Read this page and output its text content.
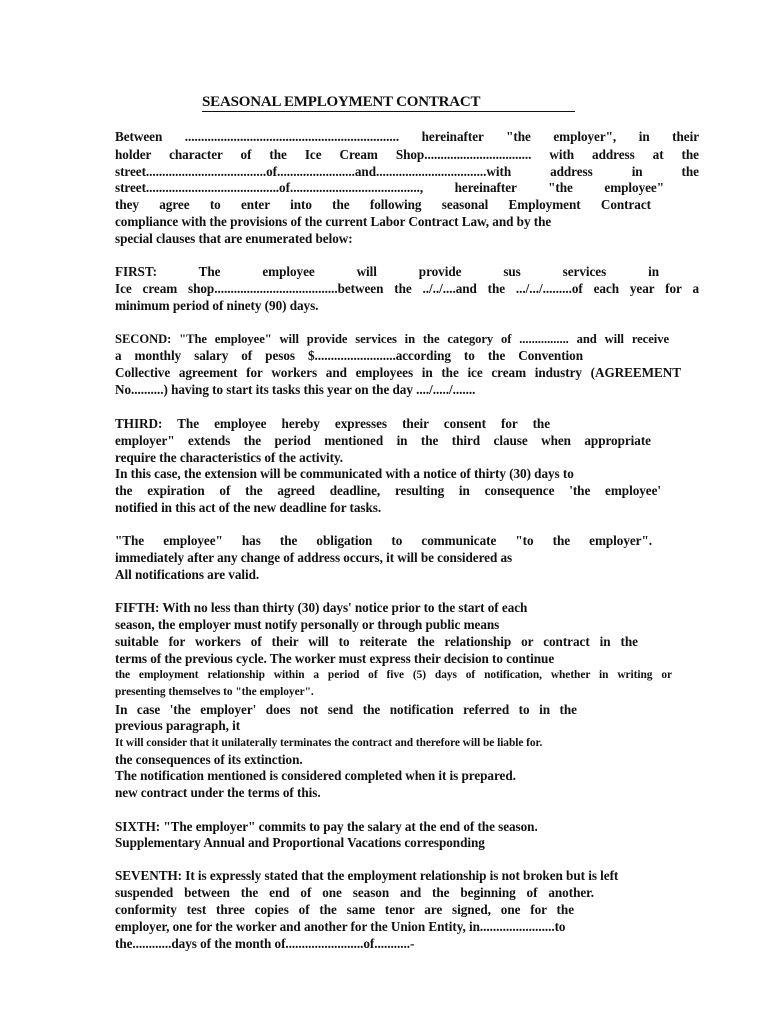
SEASONAL EMPLOYMENT CONTRACT
Between .................................................................. hereinafter "the employer", in their
holder character of the Ice Cream Shop................................. with address at the
street.....................................of........................and..................................with address in the
street.........................................of........................................, hereinafter "the employee"
they agree to enter into the following seasonal Employment Contract
compliance with the provisions of the current Labor Contract Law, and by the
special clauses that are enumerated below:
FIRST: The employee will provide sus services in
Ice cream shop......................................between the ../../....and the .../.../.........of each year for a
minimum period of ninety (90) days.
SECOND: "The employee" will provide services in the category of ................ and will receive
a monthly salary of pesos $.........................according to the Convention
Collective agreement for workers and employees in the ice cream industry (AGREEMENT
No..........) having to start its tasks this year on the day ..../...../.......
THIRD: The employee hereby expresses their consent for the
employer" extends the period mentioned in the third clause when appropriate
require the characteristics of the activity.
In this case, the extension will be communicated with a notice of thirty (30) days to
the expiration of the agreed deadline, resulting in consequence 'the employee'
notified in this act of the new deadline for tasks.
"The employee" has the obligation to communicate "to the employer".
immediately after any change of address occurs, it will be considered as
All notifications are valid.
FIFTH: With no less than thirty (30) days' notice prior to the start of each
season, the employer must notify personally or through public means
suitable for workers of their will to reiterate the relationship or contract in the
terms of the previous cycle. The worker must express their decision to continue
the employment relationship within a period of five (5) days of notification, whether in writing or
presenting themselves to "the employer".
In case 'the employer' does not send the notification referred to in the
previous paragraph, it
It will consider that it unilaterally terminates the contract and therefore will be liable for.
the consequences of its extinction.
The notification mentioned is considered completed when it is prepared.
new contract under the terms of this.
SIXTH: "The employer" commits to pay the salary at the end of the season.
Supplementary Annual and Proportional Vacations corresponding
SEVENTH: It is expressly stated that the employment relationship is not broken but is left
suspended between the end of one season and the beginning of another.
conformity test three copies of the same tenor are signed, one for the
employer, one for the worker and another for the Union Entity, in.......................to
the............days of the month of........................of...........-
